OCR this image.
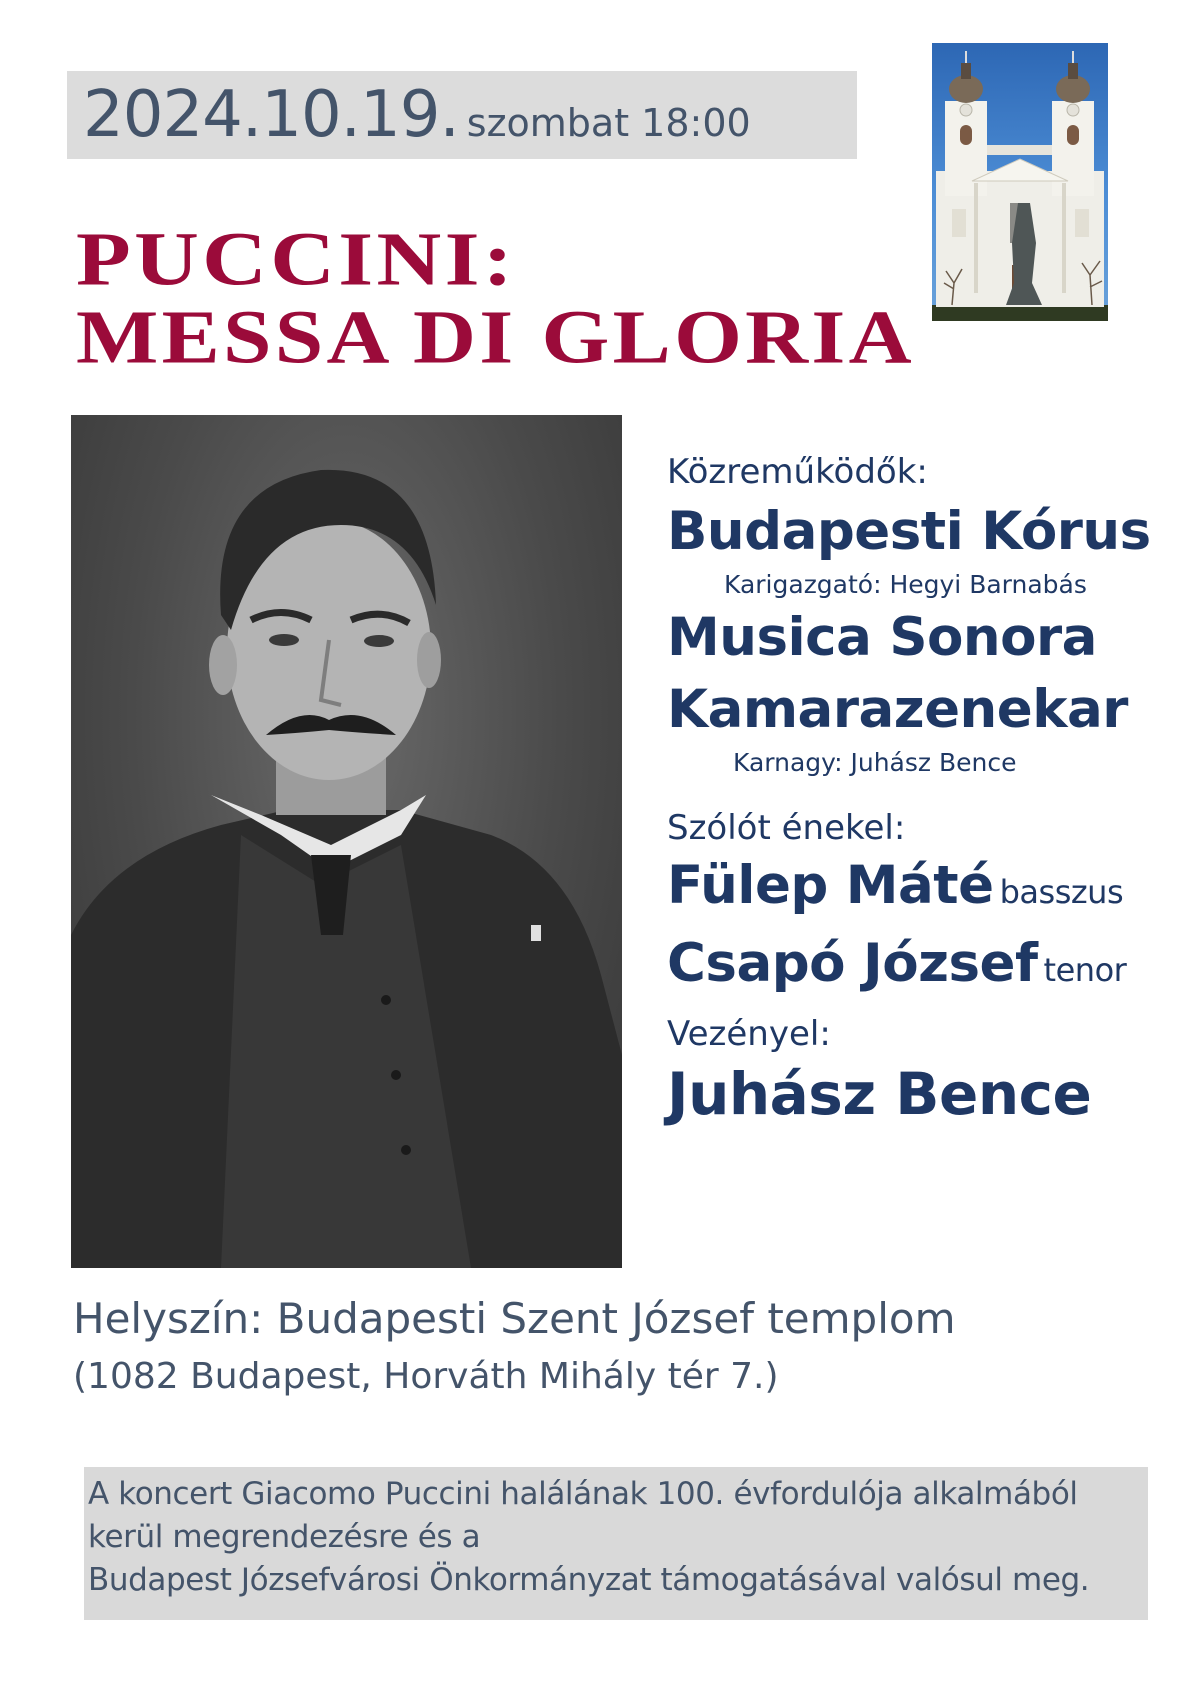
2024.10.19. szombat 18:00
PUCCINI:
MESSA DI GLORIA
Közreműködők:
Budapesti Kórus
Karigazgató: Hegyi Barnabás
Musica Sonora
Kamarazenekar
Karnagy: Juhász Bence
Szólót énekel:
Fülep Máté basszus
Csapó József tenor
Vezényel:
Juhász Bence
Helyszín: Budapesti Szent József templom
(1082 Budapest, Horváth Mihály tér 7.)
A koncert Giacomo Puccini halálának 100. évfordulója alkalmából
kerül megrendezésre és a
Budapest Józsefvárosi Önkormányzat támogatásával valósul meg.
